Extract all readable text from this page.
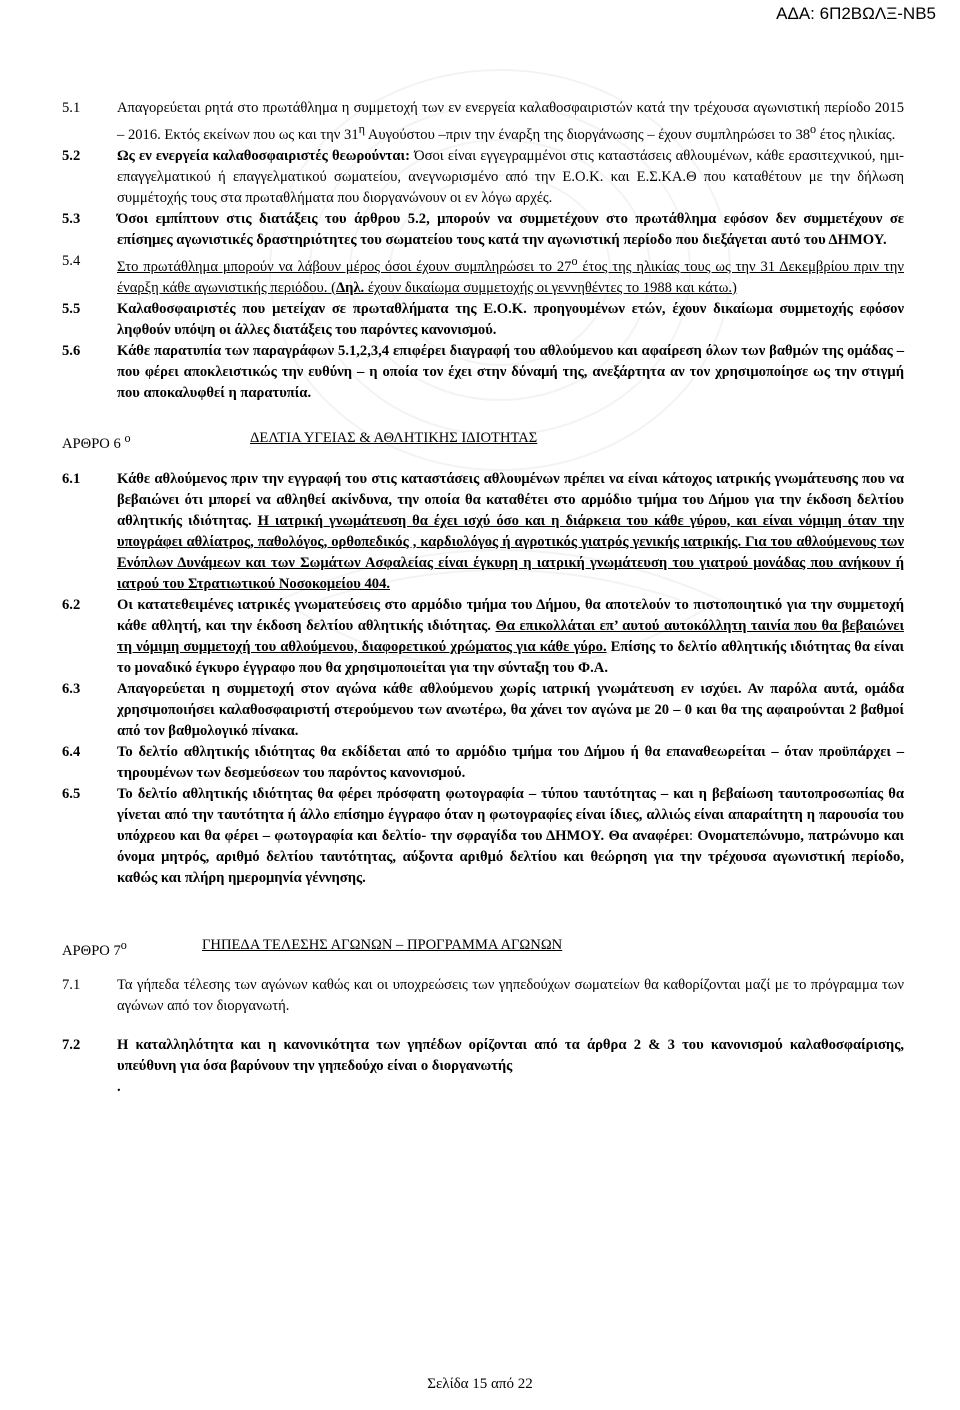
ΑΔΑ: 6Π2ΒΩΛΞ-ΝΒ5
5.1	Απαγορεύεται ρητά στο πρωτάθλημα η συμμετοχή των εν ενεργεία καλαθοσφαιριστών κατά την τρέχουσα αγωνιστική περίοδο 2015 – 2016. Εκτός εκείνων που ως και την $31^\eta$ Αυγούστου –πριν την έναρξη της διοργάνωσης – έχουν συμπληρώσει το $38^o$ έτος ηλικίας.
5.2	Ως εν ενεργεία καλαθοσφαιριστές θεωρούνται: Όσοι είναι εγγεγραμμένοι στις καταστάσεις αθλουμένων, κάθε ερασιτεχνικού, ημι-επαγγελματικού ή επαγγελματικού σωματείου, ανεγνωρισμένο από την Ε.Ο.Κ. και Ε.Σ.ΚΑ.Θ που καταθέτουν με την δήλωση συμμέτοχής τους στα πρωταθλήματα που διοργανώνουν οι εν λόγω αρχές.
5.3	Όσοι εμπίπτουν στις διατάξεις του άρθρου 5.2, μπορούν να συμμετέχουν στο πρωτάθλημα εφόσον δεν συμμετέχουν σε επίσημες αγωνιστικές δραστηριότητες του σωματείου τους κατά την αγωνιστική περίοδο που διεξάγεται αυτό του ΔΗΜΟΥ.
5.4	Στο πρωτάθλημα μπορούν να λάβουν μέρος όσοι έχουν συμπληρώσει το $27^o$ έτος της ηλικίας τους ως την 31 Δεκεμβρίου πριν την έναρξη κάθε αγωνιστικής περιόδου. (Δηλ. έχουν δικαίωμα συμμετοχής οι γεννηθέντες το 1988 και κάτω.)
5.5	Καλαθοσφαιριστές που μετείχαν σε πρωταθλήματα της Ε.Ο.Κ. προηγουμένων ετών, έχουν δικαίωμα συμμετοχής εφόσον ληφθούν υπόψη οι άλλες διατάξεις του παρόντες κανονισμού.
5.6	Κάθε παρατυπία των παραγράφων 5.1,2,3,4 επιφέρει διαγραφή του αθλούμενου και αφαίρεση όλων των βαθμών της ομάδας – που φέρει αποκλειστικώς την ευθύνη – η οποία τον έχει στην δύναμή της, ανεξάρτητα αν τον χρησιμοποίησε ως την στιγμή που αποκαλυφθεί η παρατυπία.
ΑΡΘΡΟ 6 $^o$	ΔΕΛΤΙΑ ΥΓΕΙΑΣ & ΑΘΛΗΤΙΚΗΣ ΙΔΙΟΤΗΤΑΣ
6.1	Κάθε αθλούμενος πριν την εγγραφή του στις καταστάσεις αθλουμένων πρέπει να είναι κάτοχος ιατρικής γνωμάτευσης που να βεβαιώνει ότι μπορεί να αθληθεί ακίνδυνα, την οποία θα καταθέτει στο αρμόδιο τμήμα του Δήμου για την έκδοση δελτίου αθλητικής ιδιότητας. Η ιατρική γνωμάτευση θα έχει ισχύ όσο και η διάρκεια του κάθε γύρου, και είναι νόμιμη όταν την υπογράφει αθλίατρος, παθολόγος, ορθοπεδικός , καρδιολόγος ή αγροτικός γιατρός γενικής ιατρικής. Για του αθλούμενους των Ενόπλων Δυνάμεων και των Σωμάτων Ασφαλείας είναι έγκυρη η ιατρική γνωμάτευση του γιατρού μονάδας που ανήκουν ή ιατρού του Στρατιωτικού Νοσοκομείου 404.
6.2	Οι κατατεθειμένες ιατρικές γνωματεύσεις στο αρμόδιο τμήμα του Δήμου, θα αποτελούν το πιστοποιητικό για την συμμετοχή κάθε αθλητή, και την έκδοση δελτίου αθλητικής ιδιότητας. Θα επικολλάται επ’ αυτού αυτοκόλλητη ταινία που θα βεβαιώνει τη νόμιμη συμμετοχή του αθλούμενου, διαφορετικού χρώματος για κάθε γύρο. Επίσης το δελτίο αθλητικής ιδιότητας θα είναι το μοναδικό έγκυρο έγγραφο που θα χρησιμοποιείται για την σύνταξη του Φ.Α.
6.3	Απαγορεύεται η συμμετοχή στον αγώνα κάθε αθλούμενου χωρίς ιατρική γνωμάτευση εν ισχύει. Αν παρόλα αυτά, ομάδα χρησιμοποιήσει καλαθοσφαιριστή στερούμενου των ανωτέρω, θα χάνει τον αγώνα με 20 – 0 και θα της αφαιρούνται 2 βαθμοί από τον βαθμολογικό πίνακα.
6.4	Το δελτίο αθλητικής ιδιότητας θα εκδίδεται από το αρμόδιο τμήμα του Δήμου ή θα επαναθεωρείται – όταν προϋπάρχει – τηρουμένων των δεσμεύσεων του παρόντος κανονισμού.
6.5	Το δελτίο αθλητικής ιδιότητας θα φέρει πρόσφατη φωτογραφία – τύπου ταυτότητας – και η βεβαίωση ταυτοπροσωπίας θα γίνεται από την ταυτότητα ή άλλο επίσημο έγγραφο όταν η φωτογραφίες είναι ίδιες, αλλιώς είναι απαραίτητη η παρουσία του υπόχρεου και θα φέρει – φωτογραφία και δελτίο- την σφραγίδα του ΔΗΜΟΥ. Θα αναφέρει: Ονοματεπώνυμο, πατρώνυμο και όνομα μητρός, αριθμό δελτίου ταυτότητας, αύξοντα αριθμό δελτίου και θεώρηση για την τρέχουσα αγωνιστική περίοδο, καθώς και πλήρη ημερομηνία γέννησης.
ΑΡΘΡΟ $7^o$	ΓΗΠΕΔΑ ΤΕΛΕΣΗΣ ΑΓΩΝΩΝ – ΠΡΟΓΡΑΜΜΑ ΑΓΩΝΩΝ
7.1	Τα γήπεδα τέλεσης των αγώνων καθώς και οι υποχρεώσεις των γηπεδούχων σωματείων θα καθορίζονται μαζί με το πρόγραμμα των αγώνων από τον διοργανωτή.
7.2	Η καταλληλότητα και η κανονικότητα των γηπέδων ορίζονται από τα άρθρα 2 & 3 του κανονισμού καλαθοσφαίρισης, υπεύθυνη για όσα βαρύνουν την γηπεδούχο είναι ο διοργανωτής
.
Σελίδα 15 από 22
